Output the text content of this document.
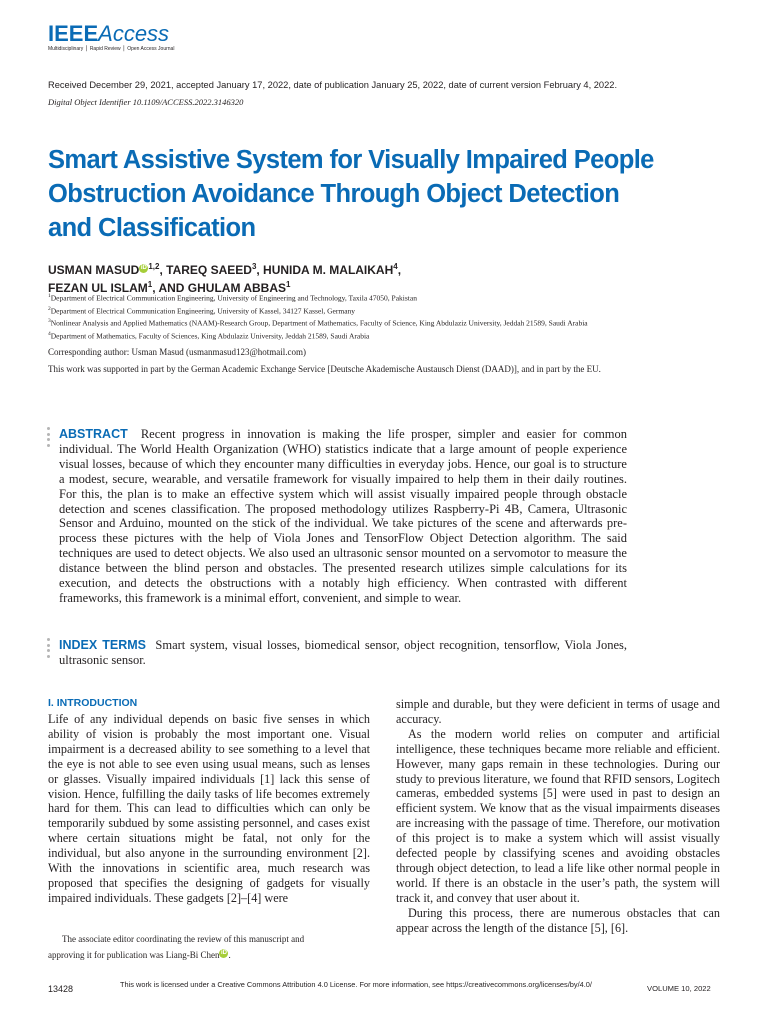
IEEEAccess
Multidisciplinary ⎪ Rapid Review ⎪ Open Access Journal
Received December 29, 2021, accepted January 17, 2022, date of publication January 25, 2022, date of current version February 4, 2022.
Digital Object Identifier 10.1109/ACCESS.2022.3146320
Smart Assistive System for Visually Impaired People Obstruction Avoidance Through Object Detection and Classification
USMAN MASUD iD $^{1,2}$, TAREQ SAEED$^3$, HUNIDA M. MALAIKAH$^4$,
FEZAN UL ISLAM$^1$, AND GHULAM ABBAS$^1$
$^1$Department of Electrical Communication Engineering, University of Engineering and Technology, Taxila 47050, Pakistan
$^2$Department of Electrical Communication Engineering, University of Kassel, 34127 Kassel, Germany
$^3$Nonlinear Analysis and Applied Mathematics (NAAM)-Research Group, Department of Mathematics, Faculty of Science, King Abdulaziz University, Jeddah 21589, Saudi Arabia
$^4$Department of Mathematics, Faculty of Sciences, King Abdulaziz University, Jeddah 21589, Saudi Arabia
Corresponding author: Usman Masud (usmanmasud123@hotmail.com)
This work was supported in part by the German Academic Exchange Service [Deutsche Akademische Austausch Dienst (DAAD)], and in part by the EU.
ABSTRACT Recent progress in innovation is making the life prosper, simpler and easier for common individual. The World Health Organization (WHO) statistics indicate that a large amount of people experience visual losses, because of which they encounter many difficulties in everyday jobs. Hence, our goal is to structure a modest, secure, wearable, and versatile framework for visually impaired to help them in their daily routines. For this, the plan is to make an effective system which will assist visually impaired people through obstacle detection and scenes classification. The proposed methodology utilizes Raspberry-Pi 4B, Camera, Ultrasonic Sensor and Arduino, mounted on the stick of the individual. We take pictures of the scene and afterwards pre-process these pictures with the help of Viola Jones and TensorFlow Object Detection algorithm. The said techniques are used to detect objects. We also used an ultrasonic sensor mounted on a servomotor to measure the distance between the blind person and obstacles. The presented research utilizes simple calculations for its execution, and detects the obstructions with a notably high efficiency. When contrasted with different frameworks, this framework is a minimal effort, convenient, and simple to wear.
INDEX TERMS Smart system, visual losses, biomedical sensor, object recognition, tensorflow, Viola Jones, ultrasonic sensor.
I. INTRODUCTION
Life of any individual depends on basic five senses in which ability of vision is probably the most important one. Visual impairment is a decreased ability to see something to a level that the eye is not able to see even using usual means, such as lenses or glasses. Visually impaired individuals [1] lack this sense of vision. Hence, fulfilling the daily tasks of life becomes extremely hard for them. This can lead to difficulties which can only be temporarily subdued by some assisting personnel, and cases exist where certain situations might be fatal, not only for the individual, but also anyone in the surrounding environment [2]. With the innovations in scientific area, much research was proposed that specifies the designing of gadgets for visually impaired individuals. These gadgets [2]–[4] were

simple and durable, but they were deficient in terms of usage and accuracy.

As the modern world relies on computer and artificial intelligence, these techniques became more reliable and efficient. However, many gaps remain in these technologies. During our study to previous literature, we found that RFID sensors, Logitech cameras, embedded systems [5] were used in past to design an efficient system. We know that as the visual impairments diseases are increasing with the passage of time. Therefore, our motivation of this project is to make a system which will assist visually defected people by classifying scenes and avoiding obstacles through object detection, to lead a life like other normal people in world. If there is an obstacle in the user’s path, the system will track it, and convey that user about it.

During this process, there are numerous obstacles that can appear across the length of the distance [5], [6].

The associate editor coordinating the review of this manuscript and
approving it for publication was Liang-Bi Chen iD .
13428	This work is licensed under a Creative Commons Attribution 4.0 License. For more information, see https://creativecommons.org/licenses/by/4.0/	VOLUME 10, 2022
